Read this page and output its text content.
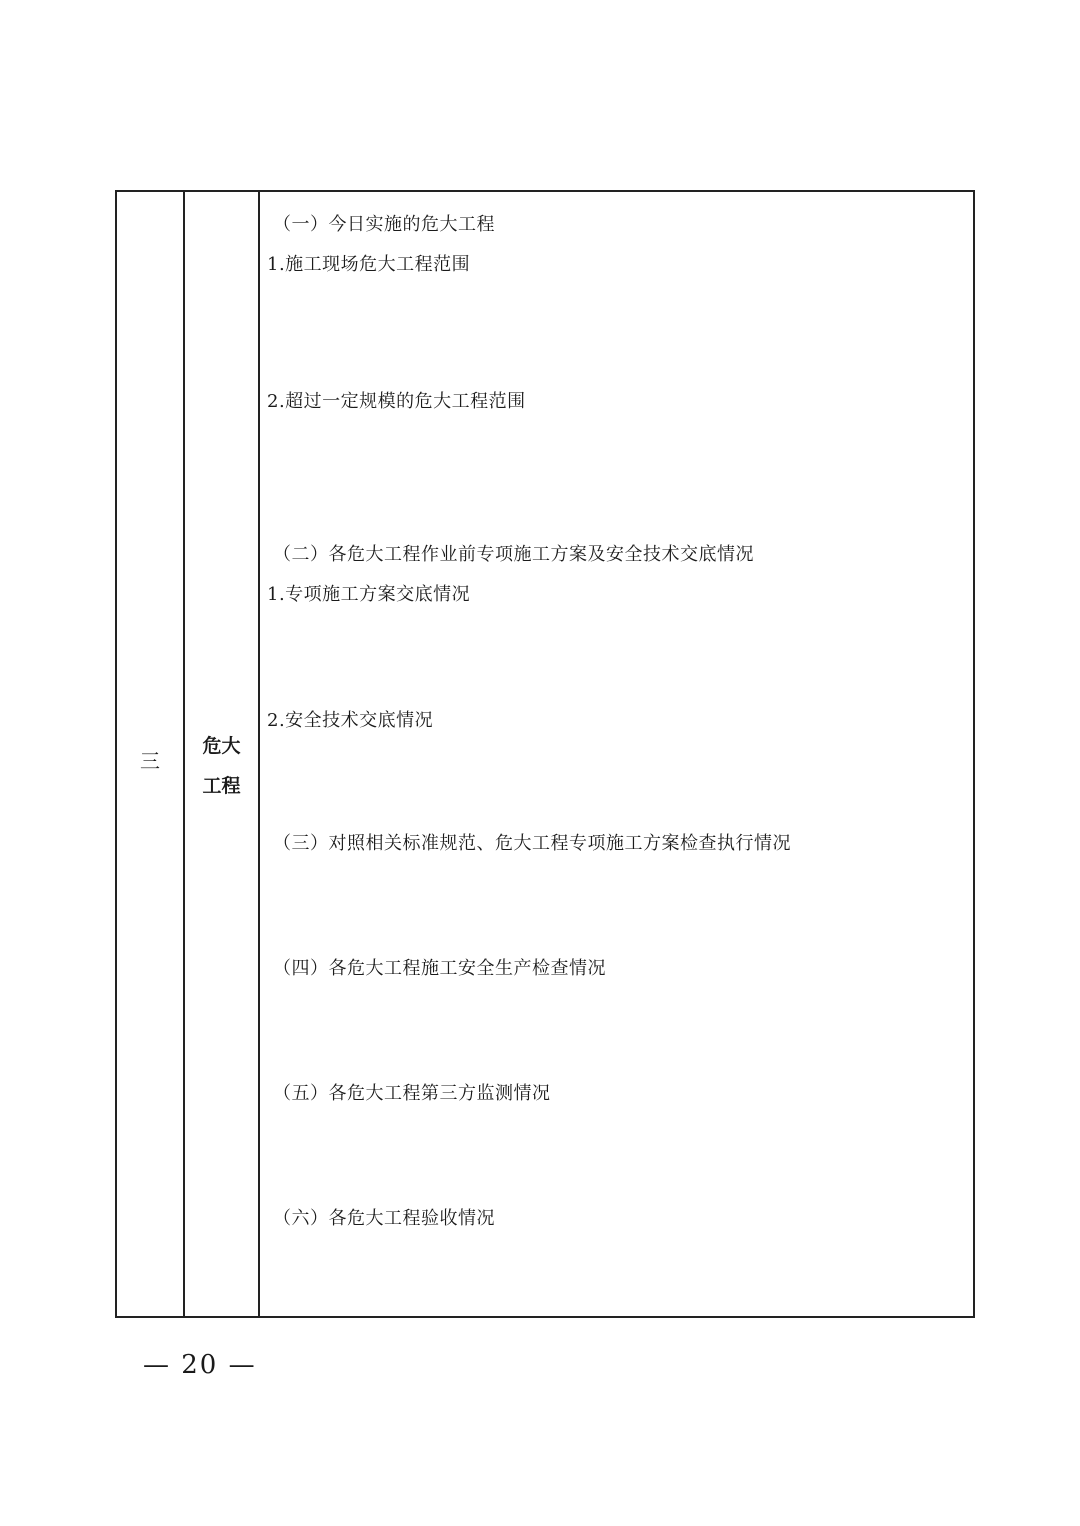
三
危大
工程
（一）今日实施的危大工程
1.施工现场危大工程范围
2.超过一定规模的危大工程范围
（二）各危大工程作业前专项施工方案及安全技术交底情况
1.专项施工方案交底情况
2.安全技术交底情况
（三）对照相关标准规范、危大工程专项施工方案检查执行情况
（四）各危大工程施工安全生产检查情况
（五）各危大工程第三方监测情况
（六）各危大工程验收情况
— 20 —
